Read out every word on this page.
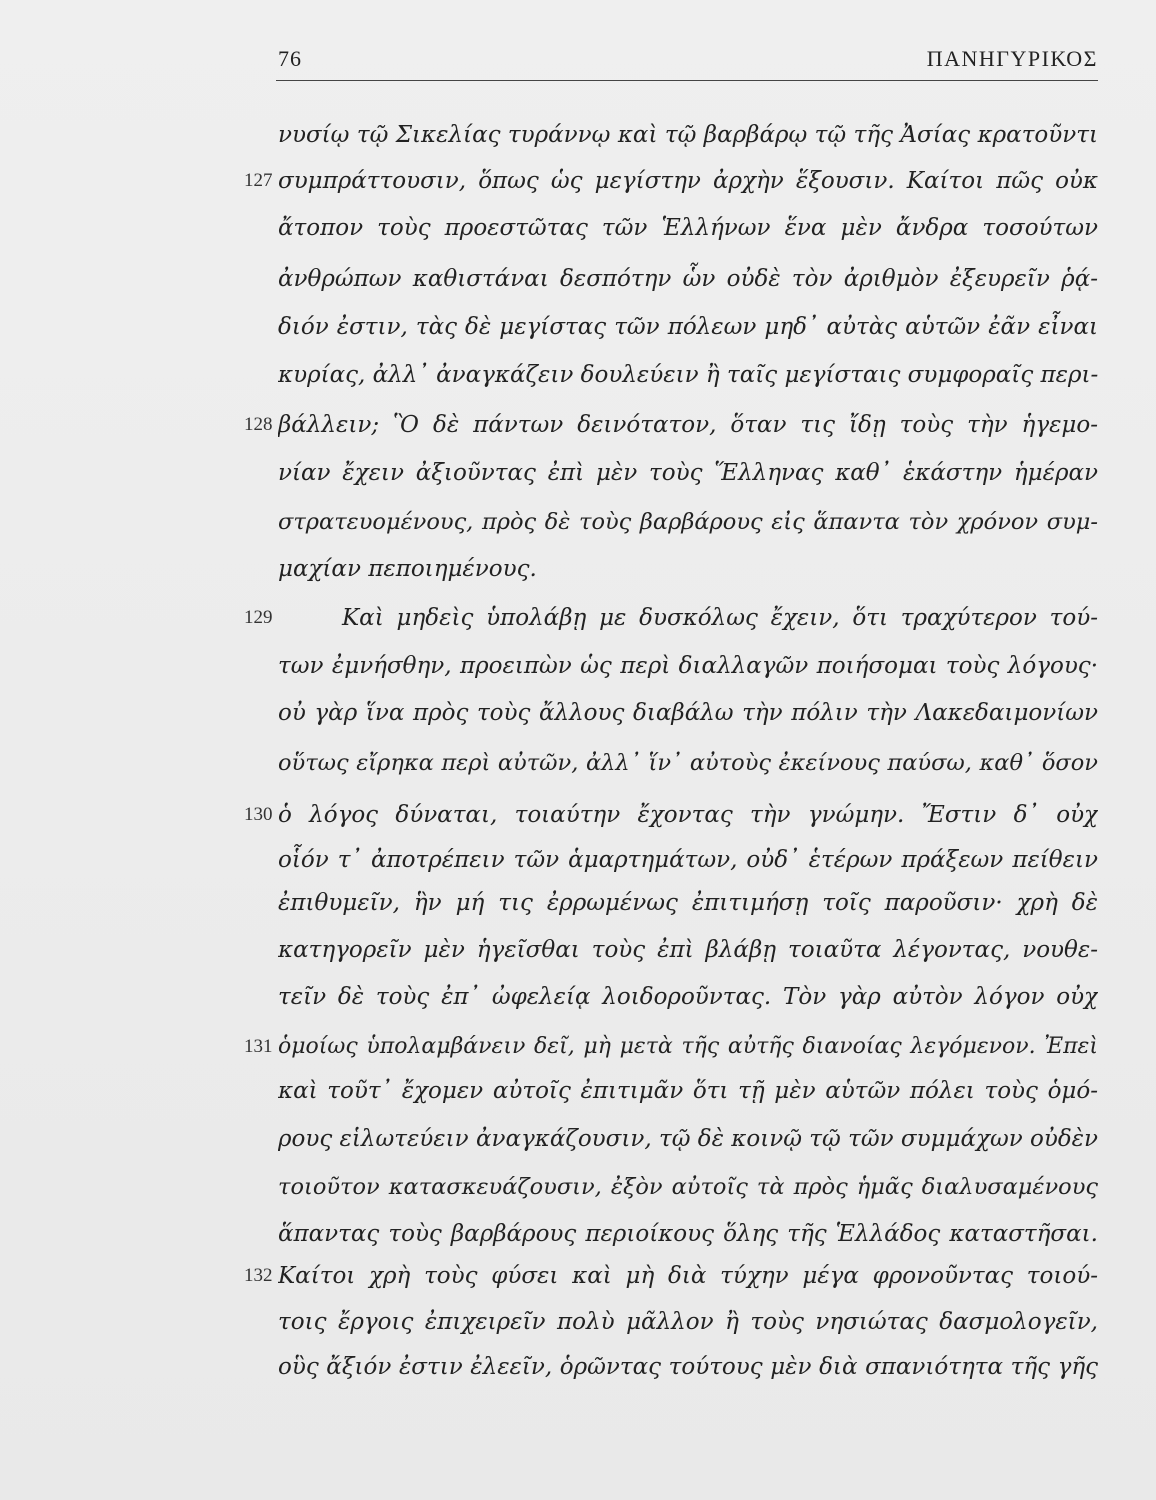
76	ΠΑΝΗΓΥΡΙΚΟΣ
127
128
129
130
131
132
νυσίῳ τῷ Σικελίας τυράννῳ καὶ τῷ βαρβάρῳ τῷ τῆς Ἀσίας κρατοῦντι
συμπράττουσιν, ὅπως ὡς μεγίστην ἀρχὴν ἕξουσιν. Καίτοι πῶς οὐκ
ἄτοπον τοὺς προεστῶτας τῶν Ἑλλήνων ἕνα μὲν ἄνδρα τοσούτων
ἀνθρώπων καθιστάναι δεσπότην ὧν οὐδὲ τὸν ἀριθμὸν ἐξευρεῖν ῥᾴ-
διόν ἐστιν, τὰς δὲ μεγίστας τῶν πόλεων μηδ᾽ αὐτὰς αὑτῶν ἐᾶν εἶναι
κυρίας, ἀλλ᾽ ἀναγκάζειν δουλεύειν ἢ ταῖς μεγίσταις συμφοραῖς περι-
βάλλειν; Ὃ δὲ πάντων δεινότατον, ὅταν τις ἴδῃ τοὺς τὴν ἡγεμο-
νίαν ἔχειν ἀξιοῦντας ἐπὶ μὲν τοὺς Ἕλληνας καθ᾽ ἑκάστην ἡμέραν
στρατευομένους, πρὸς δὲ τοὺς βαρβάρους εἰς ἅπαντα τὸν χρόνον συμ-
μαχίαν πεποιημένους.
Καὶ μηδεὶς ὑπολάβῃ με δυσκόλως ἔχειν, ὅτι τραχύτερον τού-
των ἐμνήσθην, προειπὼν ὡς περὶ διαλλαγῶν ποιήσομαι τοὺς λόγους·
οὐ γὰρ ἵνα πρὸς τοὺς ἄλλους διαβάλω τὴν πόλιν τὴν Λακεδαιμονίων
οὕτως εἴρηκα περὶ αὐτῶν, ἀλλ᾽ ἵν᾽ αὐτοὺς ἐκείνους παύσω, καθ᾽ ὅσον
ὁ λόγος δύναται, τοιαύτην ἔχοντας τὴν γνώμην. Ἔστιν δ᾽ οὐχ
οἷόν τ᾽ ἀποτρέπειν τῶν ἁμαρτημάτων, οὐδ᾽ ἑτέρων πράξεων πείθειν
ἐπιθυμεῖν, ἣν μή τις ἐρρωμένως ἐπιτιμήσῃ τοῖς παροῦσιν· χρὴ δὲ
κατηγορεῖν μὲν ἡγεῖσθαι τοὺς ἐπὶ βλάβῃ τοιαῦτα λέγοντας, νουθε-
τεῖν δὲ τοὺς ἐπ᾽ ὠφελείᾳ λοιδοροῦντας. Τὸν γὰρ αὐτὸν λόγον οὐχ
ὁμοίως ὑπολαμβάνειν δεῖ, μὴ μετὰ τῆς αὐτῆς διανοίας λεγόμενον. Ἐπεὶ
καὶ τοῦτ᾽ ἔχομεν αὐτοῖς ἐπιτιμᾶν ὅτι τῇ μὲν αὑτῶν πόλει τοὺς ὁμό-
ρους εἱλωτεύειν ἀναγκάζουσιν, τῷ δὲ κοινῷ τῷ τῶν συμμάχων οὐδὲν
τοιοῦτον κατασκευάζουσιν, ἐξὸν αὐτοῖς τὰ πρὸς ἡμᾶς διαλυσαμένους
ἅπαντας τοὺς βαρβάρους περιοίκους ὅλης τῆς Ἑλλάδος καταστῆσαι.
Καίτοι χρὴ τοὺς φύσει καὶ μὴ διὰ τύχην μέγα φρονοῦντας τοιού-
τοις ἔργοις ἐπιχειρεῖν πολὺ μᾶλλον ἢ τοὺς νησιώτας δασμολογεῖν,
οὓς ἄξιόν ἐστιν ἐλεεῖν, ὁρῶντας τούτους μὲν διὰ σπανιότητα τῆς γῆς
